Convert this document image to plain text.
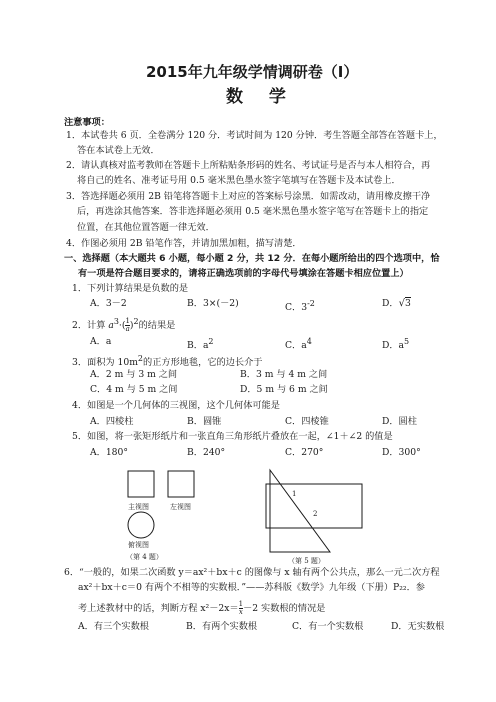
2015年九年级学情调研卷（Ⅰ）
数 学
注意事项：
1．本试卷共 6 页．全卷满分 120 分．考试时间为 120 分钟．考生答题全部答在答题卡上，
答在本试卷上无效．
2．请认真核对监考教师在答题卡上所粘贴条形码的姓名、考试证号是否与本人相符合，再
将自己的姓名、准考证号用 0.5 毫米黑色墨水签字笔填写在答题卡及本试卷上．
3．答选择题必须用 2B 铅笔将答题卡上对应的答案标号涂黑．如需改动，请用橡皮擦干净
后，再选涂其他答案．答非选择题必须用 0.5 毫米黑色墨水签字笔写在答题卡上的指定
位置，在其他位置答题一律无效．
4．作图必须用 2B 铅笔作答，并请加黑加粗，描写清楚．
一、选择题（本大题共 6 小题，每小题 2 分，共 12 分．在每小题所给出的四个选项中，恰
有一项是符合题目要求的，请将正确选项前的字母代号填涂在答题卡相应位置上）
1．下列计算结果是负数的是
A．3－2	B．3×(－2)	C．$3^{-2}$	D．√3
2．计算 $a^3\cdot( \frac{1}{a} )^2$的结果是
A．a	B．$a^2$	C．$a^4$	D．$a^5$
3．面积为 $10m^2$的正方形地毯，它的边长介于
A．2 m 与 3 m 之间	B．3 m 与 4 m 之间
C．4 m 与 5 m 之间	D．5 m 与 6 m 之间
4．如图是一个几何体的三视图，这个几何体可能是
A．四棱柱	B．圆锥	C．四棱锥	D．圆柱
5．如图，将一张矩形纸片和一张直角三角形纸片叠放在一起，∠1＋∠2 的值是
A．180°	B．240°	C．270°	D．300°
主视图	左视图
俯视图
（第 4 题）
1
2
（第 5 题）
6．“一般的，如果二次函数 y＝ax²＋bx＋c 的图像与 x 轴有两个公共点，那么一元二次方程
ax²＋bx＋c＝0 有两个不相等的实数根．”——苏科版《数学》九年级（下册）P₂₂．参
考上述教材中的话，判断方程 $x^2-2x= \frac{1}{x} -2$ 实数根的情况是
A．有三个实数根	B．有两个实数根	C．有一个实数根	D．无实数根
